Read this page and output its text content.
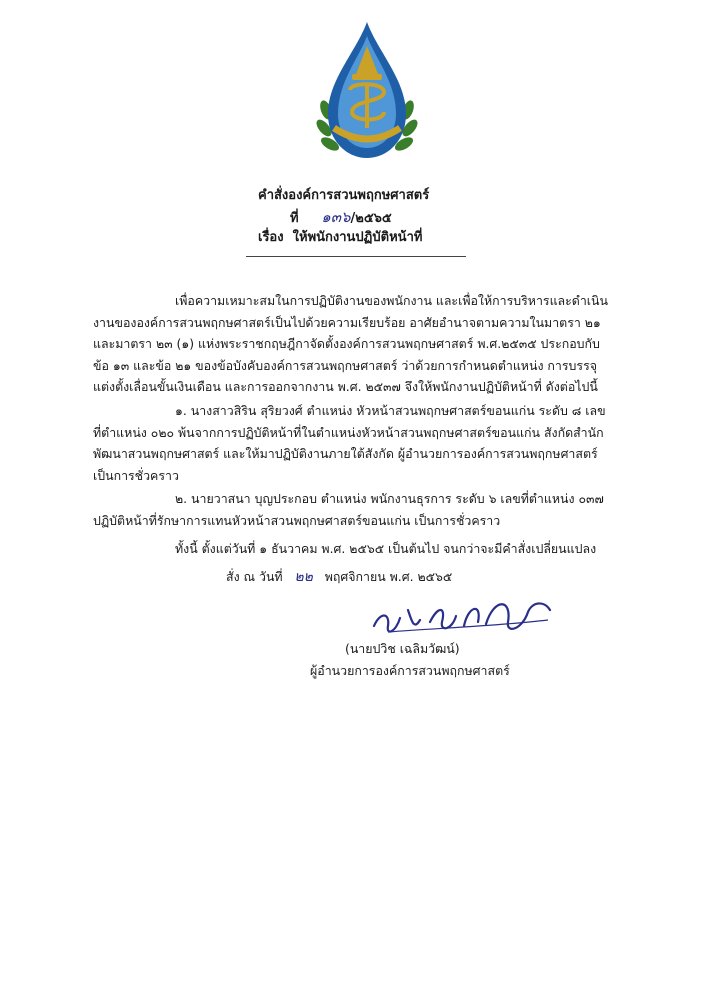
คำสั่งองค์การสวนพฤกษศาสตร์
ที่ ๑๓๖/๒๕๖๕
เรื่อง ให้พนักงานปฏิบัติหน้าที่

เพื่อความเหมาะสมในการปฏิบัติงานของพนักงาน และเพื่อให้การบริหารและดำเนินงานขององค์การสวนพฤกษศาสตร์เป็นไปด้วยความเรียบร้อย อาศัยอำนาจตามความในมาตรา ๒๑ และมาตรา ๒๓ (๑) แห่งพระราชกฤษฎีกาจัดตั้งองค์การสวนพฤกษศาสตร์ พ.ศ.๒๕๓๕ ประกอบกับข้อ ๑๓ และข้อ ๒๑ ของข้อบังคับองค์การสวนพฤกษศาสตร์ ว่าด้วยการกำหนดตำแหน่ง การบรรจุแต่งตั้งเลื่อนขั้นเงินเดือน และการออกจากงาน พ.ศ. ๒๕๓๗ จึงให้พนักงานปฏิบัติหน้าที่ ดังต่อไปนี้

๑. นางสาวสิริน สุริยวงศ์ ตำแหน่ง หัวหน้าสวนพฤกษศาสตร์ขอนแก่น ระดับ ๘ เลขที่ตำแหน่ง ๐๒๐ พ้นจากการปฏิบัติหน้าที่ในตำแหน่งหัวหน้าสวนพฤกษศาสตร์ขอนแก่น สังกัดสำนักพัฒนาสวนพฤกษศาสตร์ และให้มาปฏิบัติงานภายใต้สังกัด ผู้อำนวยการองค์การสวนพฤกษศาสตร์ เป็นการชั่วคราว

๒. นายวาสนา บุญประกอบ ตำแหน่ง พนักงานธุรการ ระดับ ๖ เลขที่ตำแหน่ง ๐๓๗ ปฏิบัติหน้าที่รักษาการแทนหัวหน้าสวนพฤกษศาสตร์ขอนแก่น เป็นการชั่วคราว

ทั้งนี้ ตั้งแต่วันที่ ๑ ธันวาคม พ.ศ. ๒๕๖๕ เป็นต้นไป จนกว่าจะมีคำสั่งเปลี่ยนแปลง
สั่ง ณ วันที่ ๒๒ พฤศจิกายน พ.ศ. ๒๕๖๕
(นายปวิช เฉลิมวัฒน์)
ผู้อำนวยการองค์การสวนพฤกษศาสตร์
